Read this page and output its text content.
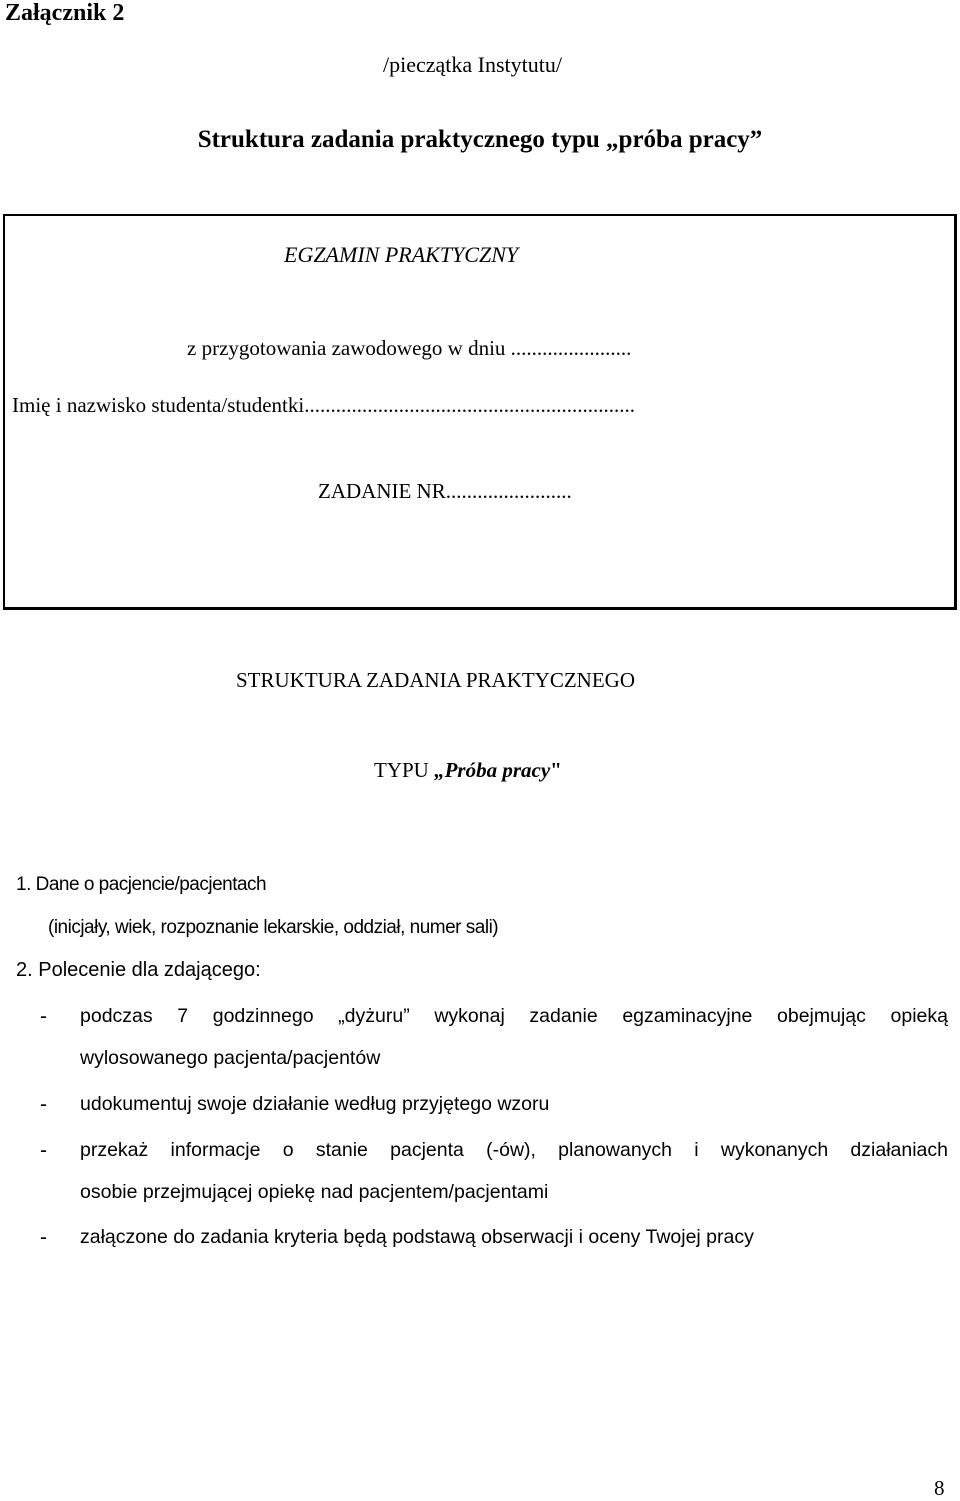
Załącznik 2
/pieczątka Instytutu/
Struktura zadania praktycznego typu „próba pracy”
EGZAMIN PRAKTYCZNY
z przygotowania zawodowego w dniu .......................
Imię i nazwisko studenta/studentki...............................................................
ZADANIE NR........................
STRUKTURA ZADANIA PRAKTYCZNEGO
TYPU „Próba pracy"
1. Dane o pacjencie/pacjentach
(inicjały, wiek, rozpoznanie lekarskie, oddział, numer sali)
2. Polecenie dla zdającego:
- podczas 7 godzinnego „dyżuru” wykonaj zadanie egzaminacyjne obejmując opieką
wylosowanego pacjenta/pacjentów
- udokumentuj swoje działanie według przyjętego wzoru
- przekaż informacje o stanie pacjenta (-ów), planowanych i wykonanych działaniach
osobie przejmującej opiekę nad pacjentem/pacjentami
- załączone do zadania kryteria będą podstawą obserwacji i oceny Twojej pracy
8
